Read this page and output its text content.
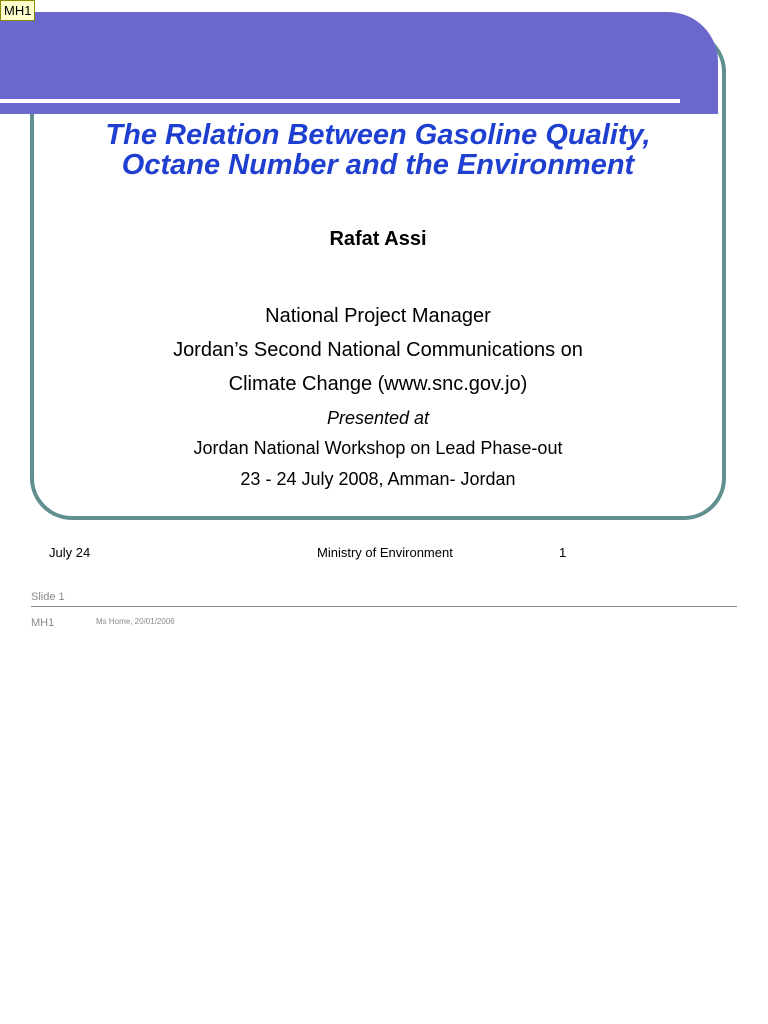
MH1
The Relation Between Gasoline Quality,
Octane Number and the Environment
Rafat Assi
National Project Manager
Jordan’s Second National Communications on
Climate Change (www.snc.gov.jo)
Presented at
Jordan National Workshop on Lead Phase-out
23 - 24 July 2008, Amman- Jordan
July 24	Ministry of Environment	1
Slide 1
MH1	Ms Home, 20/01/2006
